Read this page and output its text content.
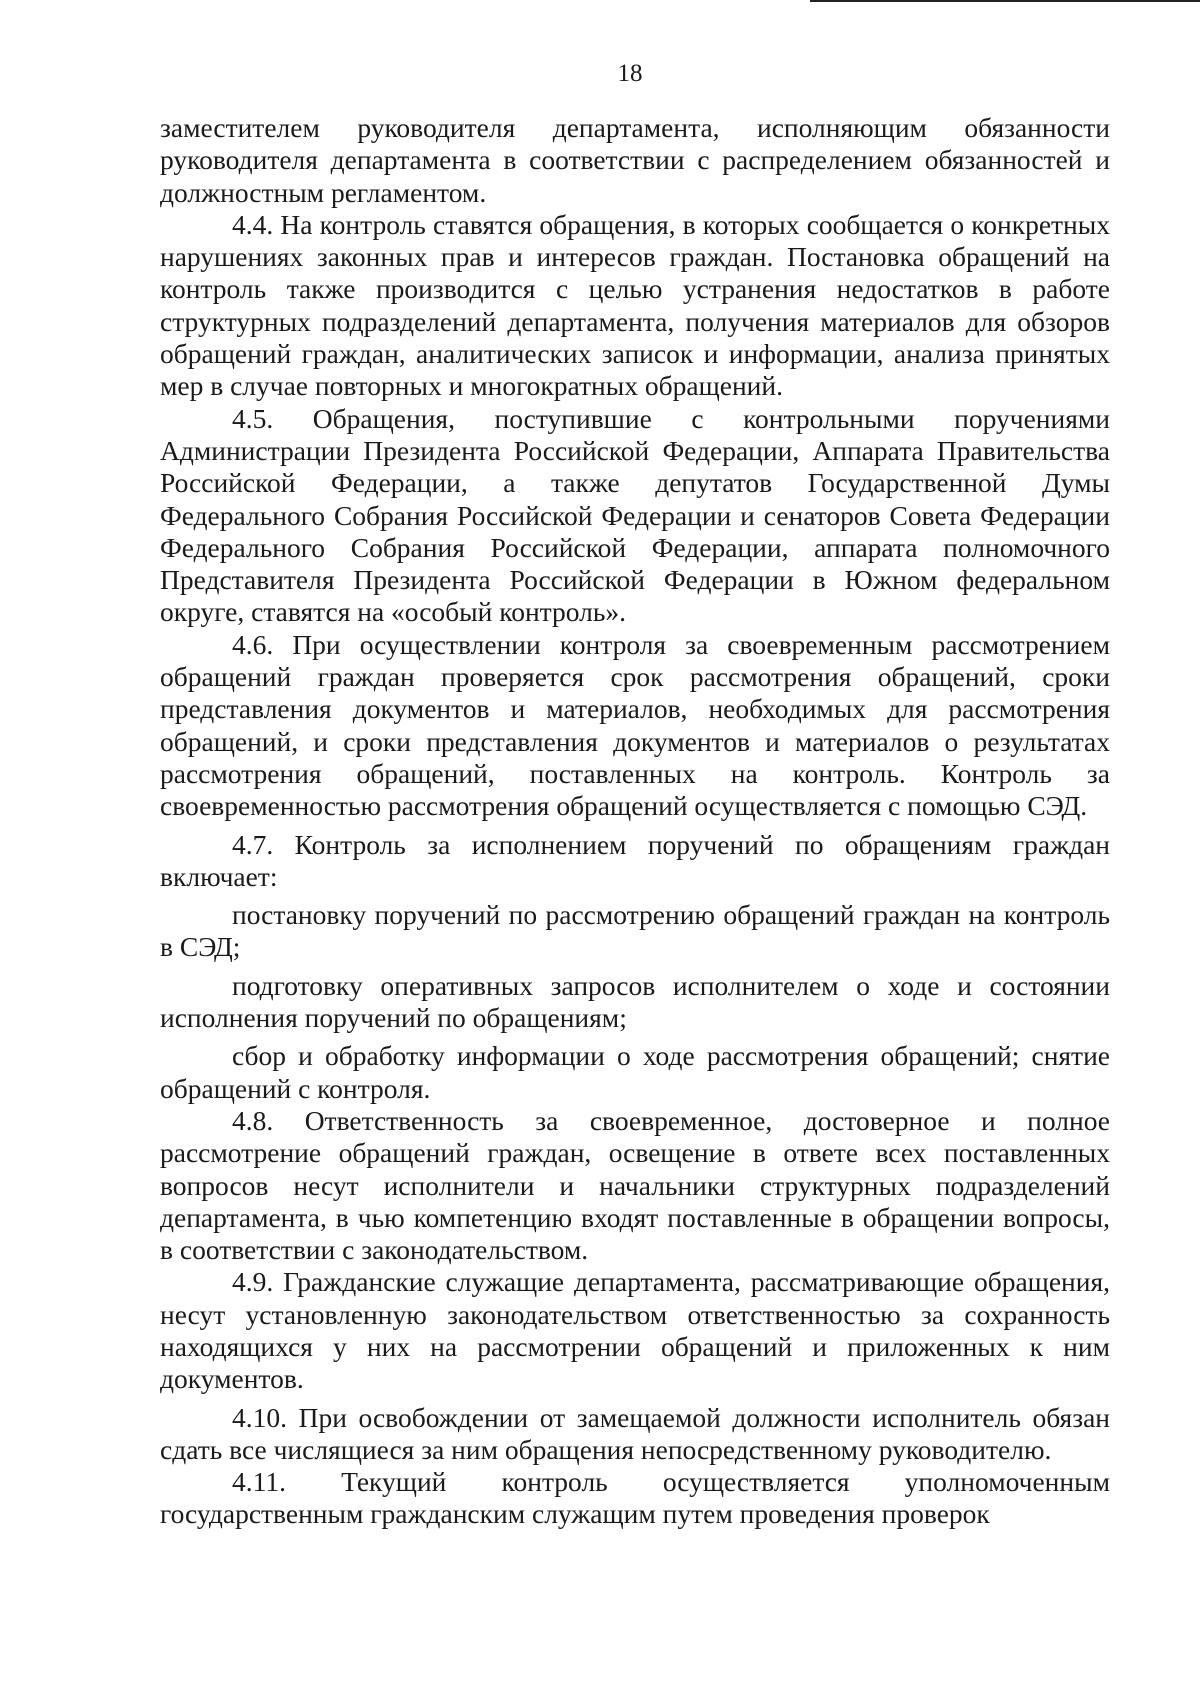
18

заместителем руководителя департамента, исполняющим обязанности руководителя департамента в соответствии с распределением обязанностей и должностным регламентом.

4.4. На контроль ставятся обращения, в которых сообщается о конкретных нарушениях законных прав и интересов граждан. Постановка обращений на контроль также производится с целью устранения недостатков в работе структурных подразделений департамента, получения материалов для обзоров обращений граждан, аналитических записок и информации, анализа принятых мер в случае повторных и многократных обращений.

4.5. Обращения, поступившие с контрольными поручениями Администрации Президента Российской Федерации, Аппарата Правительства Российской Федерации, а также депутатов Государственной Думы Федерального Собрания Российской Федерации и сенаторов Совета Федерации Федерального Собрания Российской Федерации, аппарата полномочного Представителя Президента Российской Федерации в Южном федеральном округе, ставятся на «особый контроль».

4.6. При осуществлении контроля за своевременным рассмотрением обращений граждан проверяется срок рассмотрения обращений, сроки представления документов и материалов, необходимых для рассмотрения обращений, и сроки представления документов и материалов о результатах рассмотрения обращений, поставленных на контроль. Контроль за своевременностью рассмотрения обращений осуществляется с помощью СЭД.

4.7. Контроль за исполнением поручений по обращениям граждан включает:

постановку поручений по рассмотрению обращений граждан на контроль в СЭД;

подготовку оперативных запросов исполнителем о ходе и состоянии исполнения поручений по обращениям;

сбор и обработку информации о ходе рассмотрения обращений; снятие обращений с контроля.

4.8. Ответственность за своевременное, достоверное и полное рассмотрение обращений граждан, освещение в ответе всех поставленных вопросов несут исполнители и начальники структурных подразделений департамента, в чью компетенцию входят поставленные в обращении вопросы, в соответствии с законодательством.

4.9. Гражданские служащие департамента, рассматривающие обращения, несут установленную законодательством ответственностью за сохранность находящихся у них на рассмотрении обращений и приложенных к ним документов.

4.10. При освобождении от замещаемой должности исполнитель обязан сдать все числящиеся за ним обращения непосредственному руководителю.

4.11. Текущий контроль осуществляется уполномоченным государственным гражданским служащим путем проведения проверок
